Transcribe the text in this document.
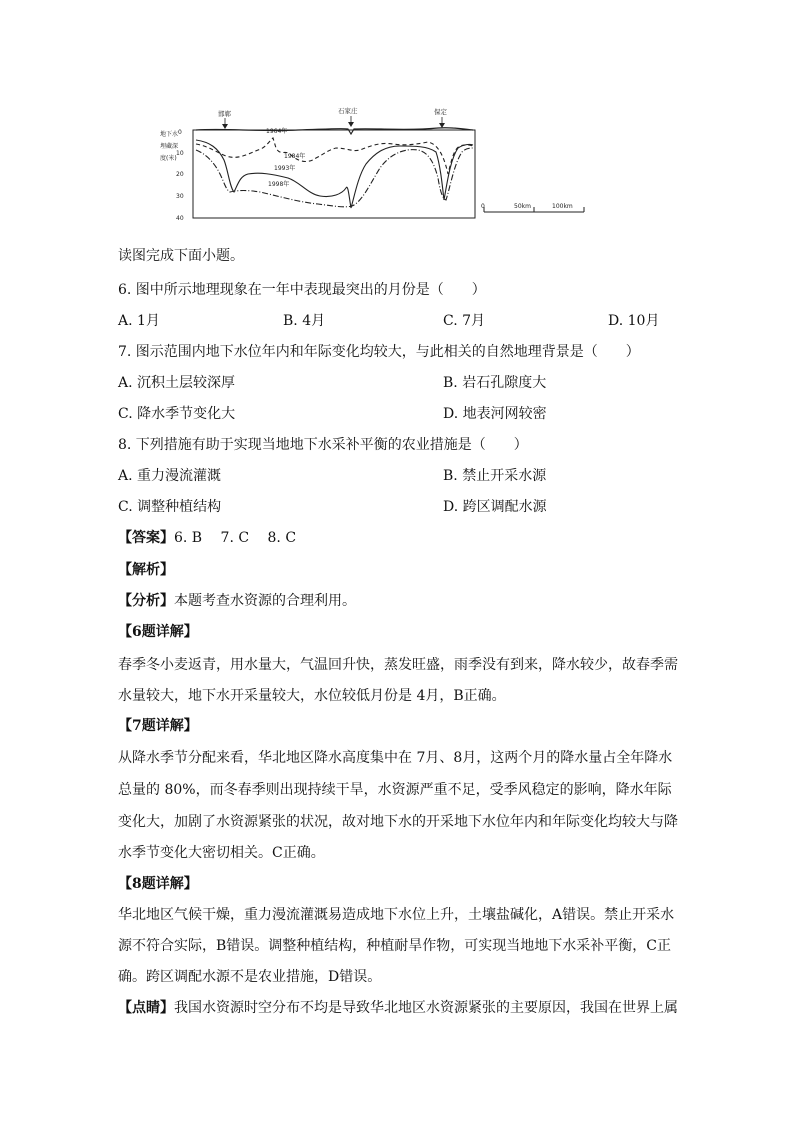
地下水
埋藏深
度(米)
0
10
20
30
40
邯郸	石家庄	保定
1964年
1984年
1993年
1998年
0	50km	100km
读图完成下面小题。
6. 图中所示地理现象在一年中表现最突出的月份是（　　）
A. 1月	B. 4月	C. 7月	D. 10月
7. 图示范围内地下水位年内和年际变化均较大，与此相关的自然地理背景是（　　）
A. 沉积土层较深厚	B. 岩石孔隙度大
C. 降水季节变化大	D. 地表河网较密
8. 下列措施有助于实现当地地下水采补平衡的农业措施是（　　）
A. 重力漫流灌溉	B. 禁止开采水源
C. 调整种植结构	D. 跨区调配水源
【答案】6. B　 7. C　 8. C
【解析】
【分析】本题考查水资源的合理利用。
【6题详解】
春季冬小麦返青，用水量大，气温回升快，蒸发旺盛，雨季没有到来，降水较少，故春季需
水量较大，地下水开采量较大，水位较低月份是 4月，B正确。
【7题详解】
从降水季节分配来看，华北地区降水高度集中在 7月、8月，这两个月的降水量占全年降水
总量的 80%，而冬春季则出现持续干旱，水资源严重不足，受季风稳定的影响，降水年际
变化大，加剧了水资源紧张的状况，故对地下水的开采地下水位年内和年际变化均较大与降
水季节变化大密切相关。C正确。
【8题详解】
华北地区气候干燥，重力漫流灌溉易造成地下水位上升，土壤盐碱化，A错误。禁止开采水
源不符合实际，B错误。调整种植结构，种植耐旱作物，可实现当地地下水采补平衡，C正
确。跨区调配水源不是农业措施，D错误。
【点睛】我国水资源时空分布不均是导致华北地区水资源紧张的主要原因，我国在世界上属
